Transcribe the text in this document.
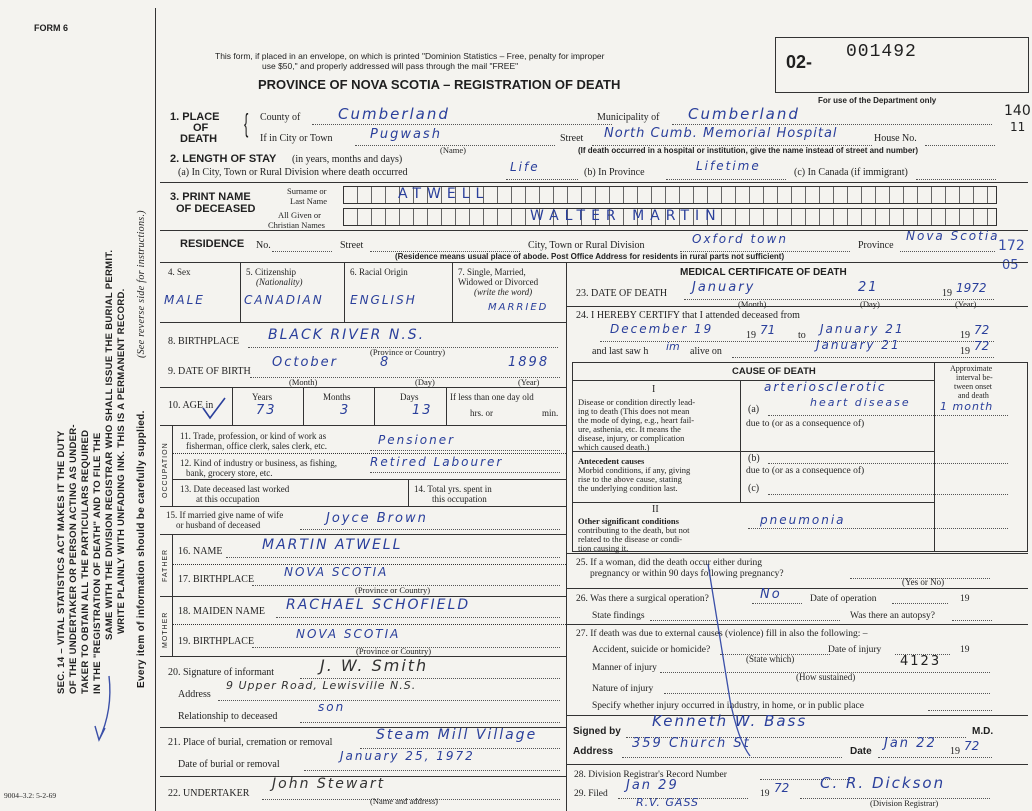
FORM 6
SEC. 14 – VITAL STATISTICS ACT MAKES IT THE DUTY OF THE UNDERTAKER OR PERSON ACTING AS UNDER- TAKER TO OBTAIN ALL THE PARTICULARS REQUIRED IN THE "REGISTRATION OF DEATH" AND TO FILE THE SAME WITH THE DIVISION REGISTRAR WHO SHALL ISSUE THE BURIAL PERMIT. WRITE PLAINLY WITH UNFADING INK. THIS IS A PERMANENT RECORD.
(See reverse side for instructions.)
Every item of information should be carefully supplied.
9004–3.2: 5-2-69
This form, if placed in an envelope, on which is printed "Dominion Statistics – Free, penalty for improper
use $50," and properly addressed will pass through the mail "FREE"
PROVINCE OF NOVA SCOTIA – REGISTRATION OF DEATH
02- 001492
For use of the Department only
140
11
172
05
1. PLACE
OF
DEATH
{ County of	Cumberland	Municipality of Cumberland
If in City or Town	Pugwash
(Name)
Street North Cumb. Memorial Hospital	House No.
(If death occurred in a hospital or institution, give the name instead of street and number)
2. LENGTH OF STAY (in years, months and days)
(a) In City, Town or Rural Division where death occurred	Life	(b) In Province	Lifetime	(c) In Canada (if immigrant)
3. PRINT NAME
OF DECEASED
Surname or
Last Name
All Given or
Christian Names
ATWELL
WALTER MARTIN
RESIDENCE No.	Street	City, Town or Rural Division	Oxford town	Province
Nova Scotia
(Residence means usual place of abode. Post Office Address for residents in rural parts not sufficient)
4. Sex
MALE
5. Citizenship
(Nationality)
CANADIAN
6. Racial Origin
ENGLISH
7. Single, Married,
Widowed or Divorced
(write the word)
MARRIED
8. BIRTHPLACE BLACK RIVER N.S.
(Province or Country)
9. DATE OF BIRTH
October	8	1898
(Month)	(Day)	(Year)
10. AGE in
Years	Months	Days
73	3	13
If less than one day old
hrs. or	min.
OCCUPATION
11. Trade, profession, or kind of work as
fisherman, office clerk, sales clerk, etc.	Pensioner
12. Kind of industry or business, as fishing,
bank, grocery store, etc.
Retired Labourer
13. Date deceased last worked
at this occupation
14. Total yrs. spent in
this occupation
15. If married give name of wife
or husband of deceased	Joyce Brown
FATHER 16. NAME	MARTIN ATWELL
17. BIRTHPLACE
NOVA SCOTIA
(Province or Country)
MOTHER
18. MAIDEN NAME RACHAEL SCHOFIELD
19. BIRTHPLACE
NOVA SCOTIA
(Province or Country)
20. Signature of informant	J. W. Smith
Address
9 Upper Road, Lewisville N.S.
Relationship to deceased
son
21. Place of burial, cremation or removal	Steam Mill Village
Date of burial or removal
January 25, 1972
22. UNDERTAKER
John Stewart
(Name and address)
MEDICAL CERTIFICATE OF DEATH
23. DATE OF DEATH January	21	19 1972
(Month)	(Day)	(Year)
24. I HEREBY CERTIFY that I attended deceased from
December 19	19 71 to January 21	19 72
and last saw h im alive on	January 21	19 72
CAUSE OF DEATH	Approximate
interval be-
tween onset
and death
I
Disease or condition directly lead-
ing to death (This does not mean
the mode of dying, e.g., heart fail-
ure, asthenia, etc. It means the
disease, injury, or complication
which caused death.)
arteriosclerotic
(a)
heart disease	1 month
due to (or as a consequence of)
Antecedent causes
Morbid conditions, if any, giving
rise to the above cause, stating
the underlying condition last.
(b)
due to (or as a consequence of)
(c)
II
Other significant conditions
contributing to the death, but not
related to the disease or condi-
tion causing it.
pneumonia
25. If a woman, did the death occur either during
pregnancy or within 90 days following pregnancy?
(Yes or No)
26. Was there a surgical operation?	No	Date of operation	19
State findings	Was there an autopsy?
27. If death was due to external causes (violence) fill in also the following: –
Accident, suicide or homicide?
(State which)
Date of injury	19
Manner of injury	4123
(How sustained)
Nature of injury
Specify whether injury occurred in industry, in home, or in public place
Signed by
Kenneth W. Bass
M.D.
Address
359 Church St
Date
Jan 22
19 72
28. Division Registrar's Record Number
29. Filed
Jan 29
19 72 C. R. Dickson
(Division Registrar)
R.V. GASS
